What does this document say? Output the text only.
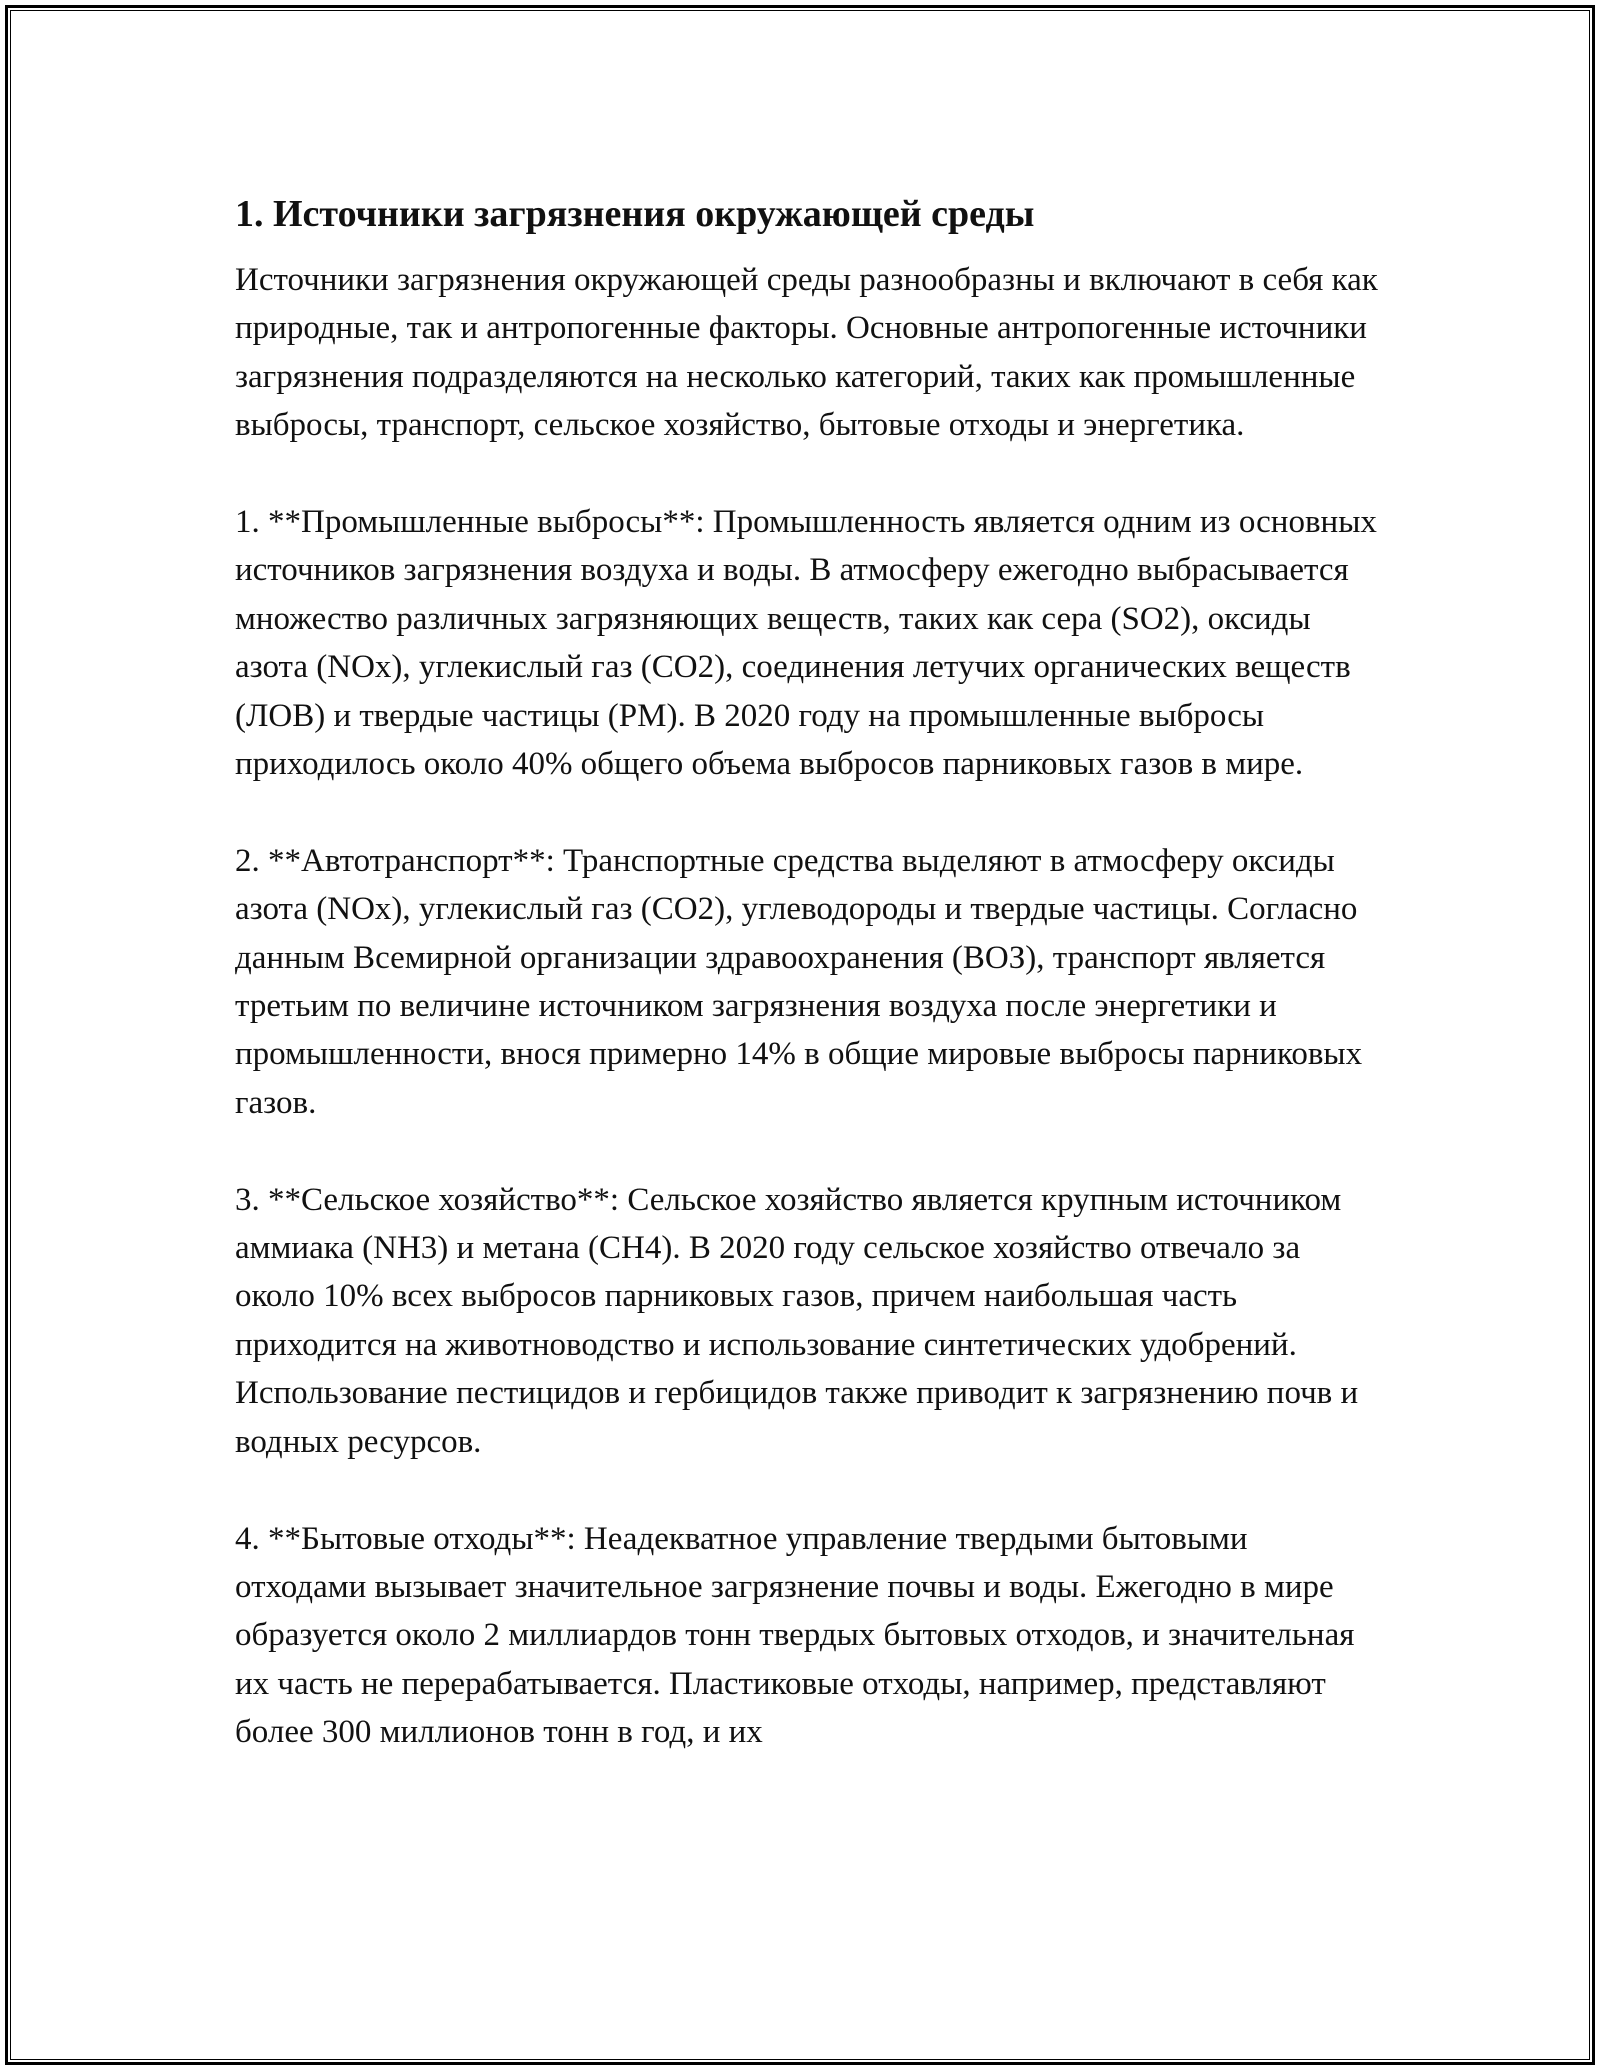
1. Источники загрязнения окружающей среды

Источники загрязнения окружающей среды разнообразны и включают в себя как природные, так и антропогенные факторы. Основные антропогенные источники загрязнения подразделяются на несколько категорий, таких как промышленные выбросы, транспорт, сельское хозяйство, бытовые отходы и энергетика.

1. **Промышленные выбросы**: Промышленность является одним из основных источников загрязнения воздуха и воды. В атмосферу ежегодно выбрасывается множество различных загрязняющих веществ, таких как сера (SO2), оксиды азота (NOx), углекислый газ (CO2), соединения летучих органических веществ (ЛОВ) и твердые частицы (PM). В 2020 году на промышленные выбросы приходилось около 40% общего объема выбросов парниковых газов в мире.

2. **Автотранспорт**: Транспортные средства выделяют в атмосферу оксиды азота (NOx), углекислый газ (CO2), углеводороды и твердые частицы. Согласно данным Всемирной организации здравоохранения (ВОЗ), транспорт является третьим по величине источником загрязнения воздуха после энергетики и промышленности, внося примерно 14% в общие мировые выбросы парниковых газов.

3. **Сельское хозяйство**: Сельское хозяйство является крупным источником аммиака (NH3) и метана (CH4). В 2020 году сельское хозяйство отвечало за около 10% всех выбросов парниковых газов, причем наибольшая часть приходится на животноводство и использование синтетических удобрений. Использование пестицидов и гербицидов также приводит к загрязнению почв и водных ресурсов.

4. **Бытовые отходы**: Неадекватное управление твердыми бытовыми отходами вызывает значительное загрязнение почвы и воды. Ежегодно в мире образуется около 2 миллиардов тонн твердых бытовых отходов, и значительная их часть не перерабатывается. Пластиковые отходы, например, представляют более 300 миллионов тонн в год, и их
